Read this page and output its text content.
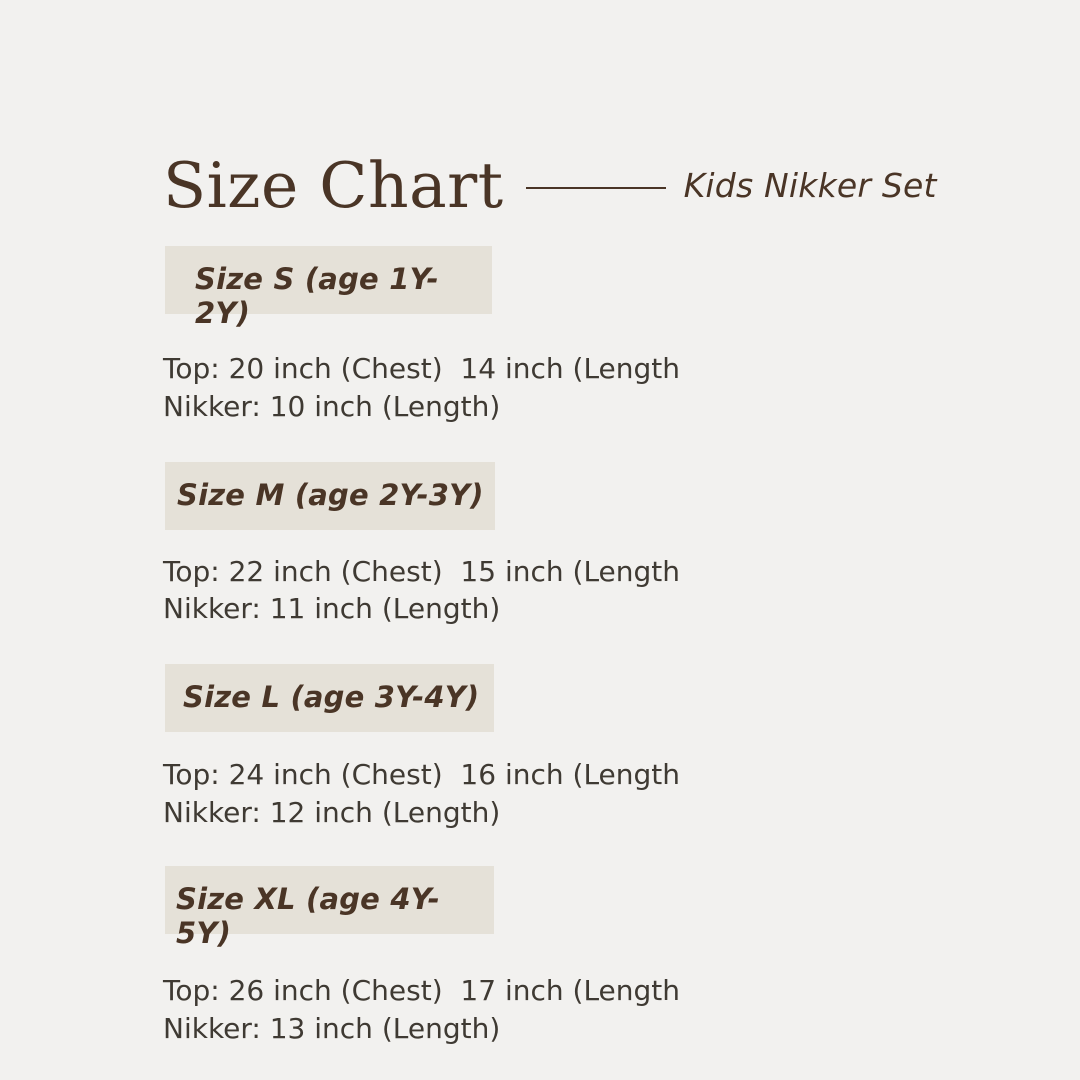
Size Chart	Kids Nikker Set
Size S (age 1Y-2Y)
Top: 20 inch (Chest)  14 inch (Length
Nikker: 10 inch (Length)
Size M (age 2Y-3Y)
Top: 22 inch (Chest)  15 inch (Length
Nikker: 11 inch (Length)
Size L (age 3Y-4Y)
Top: 24 inch (Chest)  16 inch (Length
Nikker: 12 inch (Length)
Size XL (age 4Y-5Y)
Top: 26 inch (Chest)  17 inch (Length
Nikker: 13 inch (Length)
